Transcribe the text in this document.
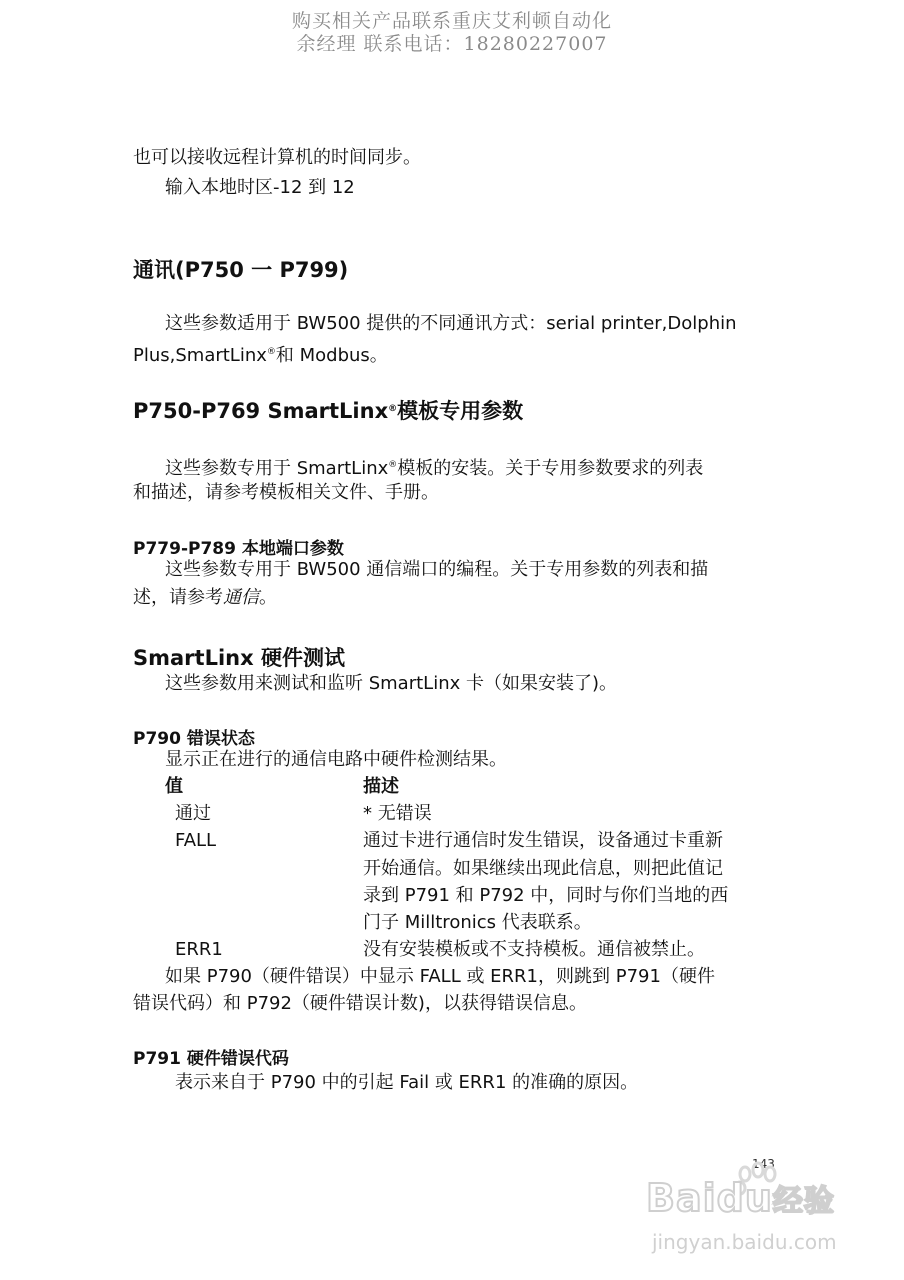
购买相关产品联系重庆艾利顿自动化
余经理 联系电话：18280227007
也可以接收远程计算机的时间同步。
输入本地时区-12 到 12
通讯(P750 一 P799)
这些参数适用于 BW500 提供的不同通讯方式：serial printer,Dolphin
Plus,SmartLinx®和 Modbus。
P750-P769 SmartLinx®模板专用参数
这些参数专用于 SmartLinx®模板的安装。关于专用参数要求的列表
和描述，请参考模板相关文件、手册。
P779-P789 本地端口参数
这些参数专用于 BW500 通信端口的编程。关于专用参数的列表和描
述，请参考通信。
SmartLinx 硬件测试
这些参数用来测试和监听 SmartLinx 卡（如果安装了)。
P790 错误状态
显示正在进行的通信电路中硬件检测结果。
值	描述
通过	* 无错误
FALL	通过卡进行通信时发生错误，设备通过卡重新
开始通信。如果继续出现此信息，则把此值记
录到 P791 和 P792 中，同时与你们当地的西
门子 Milltronics 代表联系。
ERR1	没有安装模板或不支持模板。通信被禁止。
如果 P790（硬件错误）中显示 FALL 或 ERR1，则跳到 P791（硬件
错误代码）和 P792（硬件错误计数)，以获得错误信息。
P791 硬件错误代码
表示来自于 P790 中的引起 Fail 或 ERR1 的准确的原因。
143
Baidu经验
jingyan.baidu.com
